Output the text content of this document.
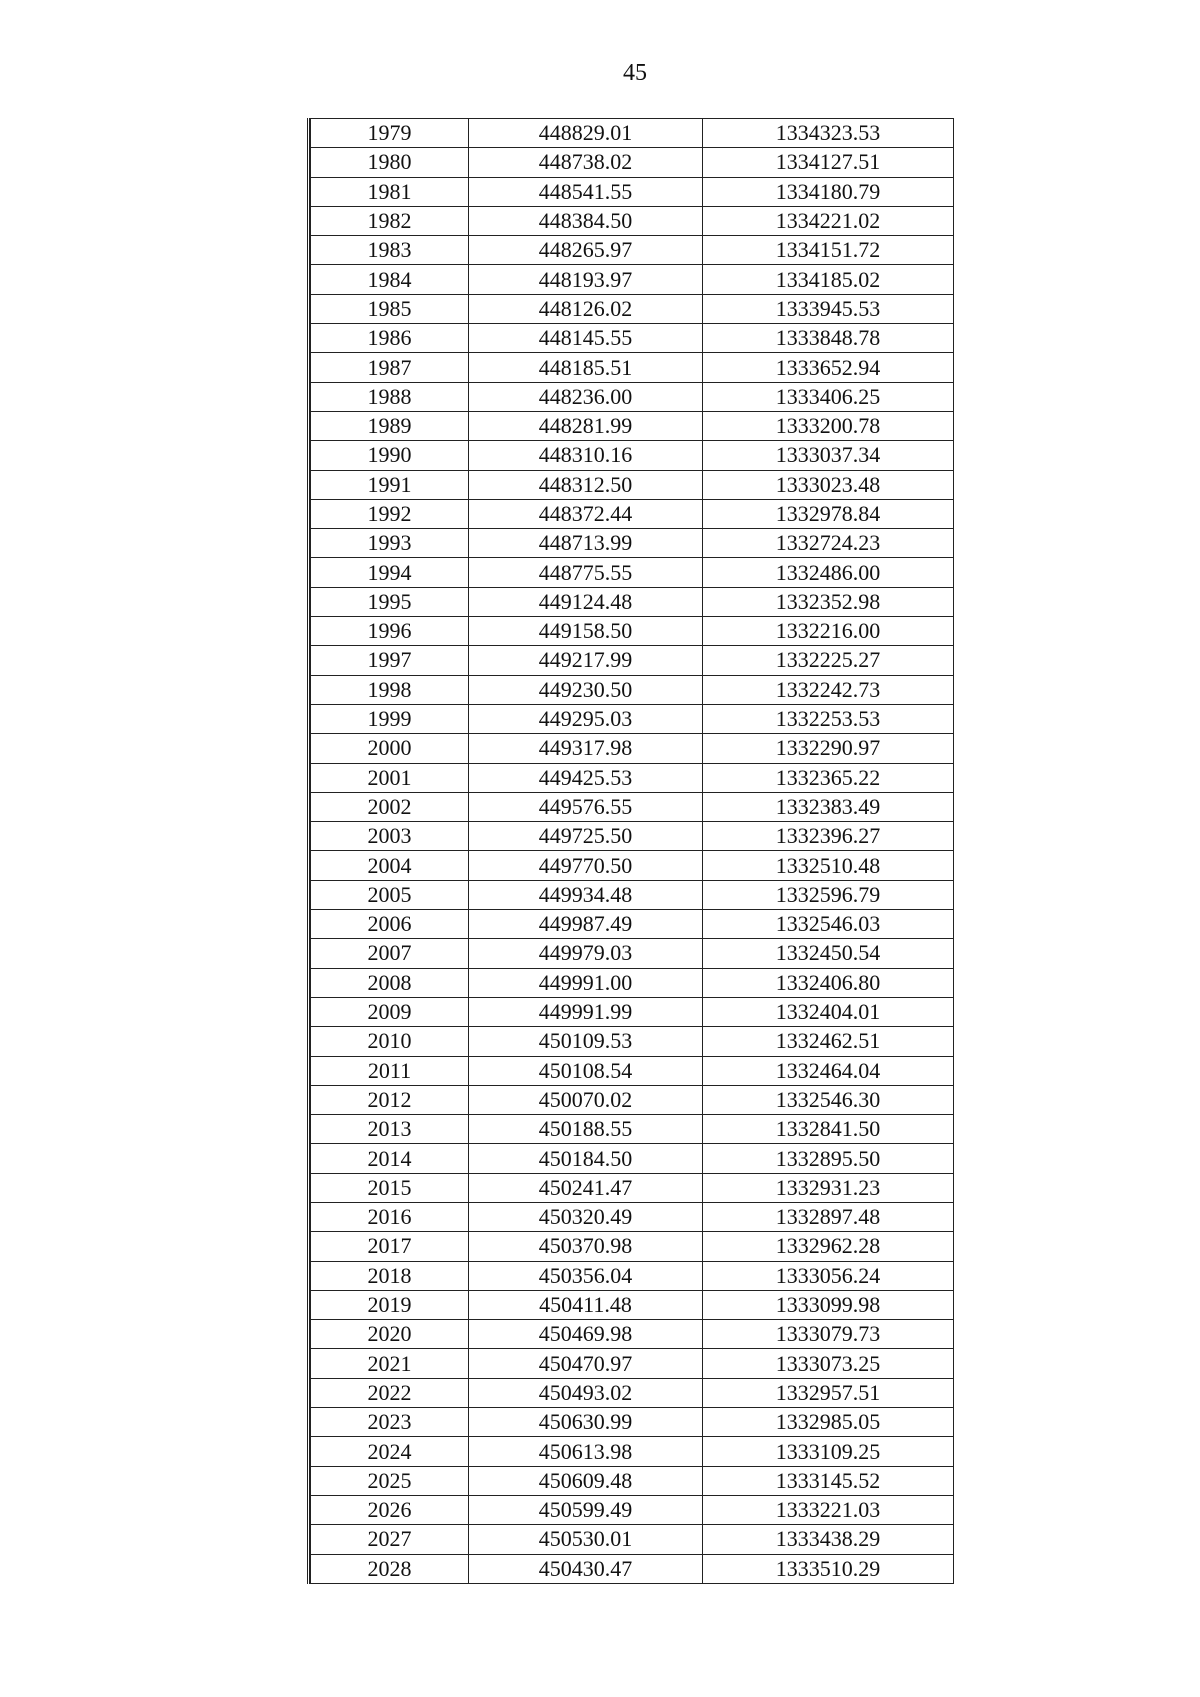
45
1979	448829.01	1334323.53
1980	448738.02	1334127.51
1981	448541.55	1334180.79
1982	448384.50	1334221.02
1983	448265.97	1334151.72
1984	448193.97	1334185.02
1985	448126.02	1333945.53
1986	448145.55	1333848.78
1987	448185.51	1333652.94
1988	448236.00	1333406.25
1989	448281.99	1333200.78
1990	448310.16	1333037.34
1991	448312.50	1333023.48
1992	448372.44	1332978.84
1993	448713.99	1332724.23
1994	448775.55	1332486.00
1995	449124.48	1332352.98
1996	449158.50	1332216.00
1997	449217.99	1332225.27
1998	449230.50	1332242.73
1999	449295.03	1332253.53
2000	449317.98	1332290.97
2001	449425.53	1332365.22
2002	449576.55	1332383.49
2003	449725.50	1332396.27
2004	449770.50	1332510.48
2005	449934.48	1332596.79
2006	449987.49	1332546.03
2007	449979.03	1332450.54
2008	449991.00	1332406.80
2009	449991.99	1332404.01
2010	450109.53	1332462.51
2011	450108.54	1332464.04
2012	450070.02	1332546.30
2013	450188.55	1332841.50
2014	450184.50	1332895.50
2015	450241.47	1332931.23
2016	450320.49	1332897.48
2017	450370.98	1332962.28
2018	450356.04	1333056.24
2019	450411.48	1333099.98
2020	450469.98	1333079.73
2021	450470.97	1333073.25
2022	450493.02	1332957.51
2023	450630.99	1332985.05
2024	450613.98	1333109.25
2025	450609.48	1333145.52
2026	450599.49	1333221.03
2027	450530.01	1333438.29
2028	450430.47	1333510.29
